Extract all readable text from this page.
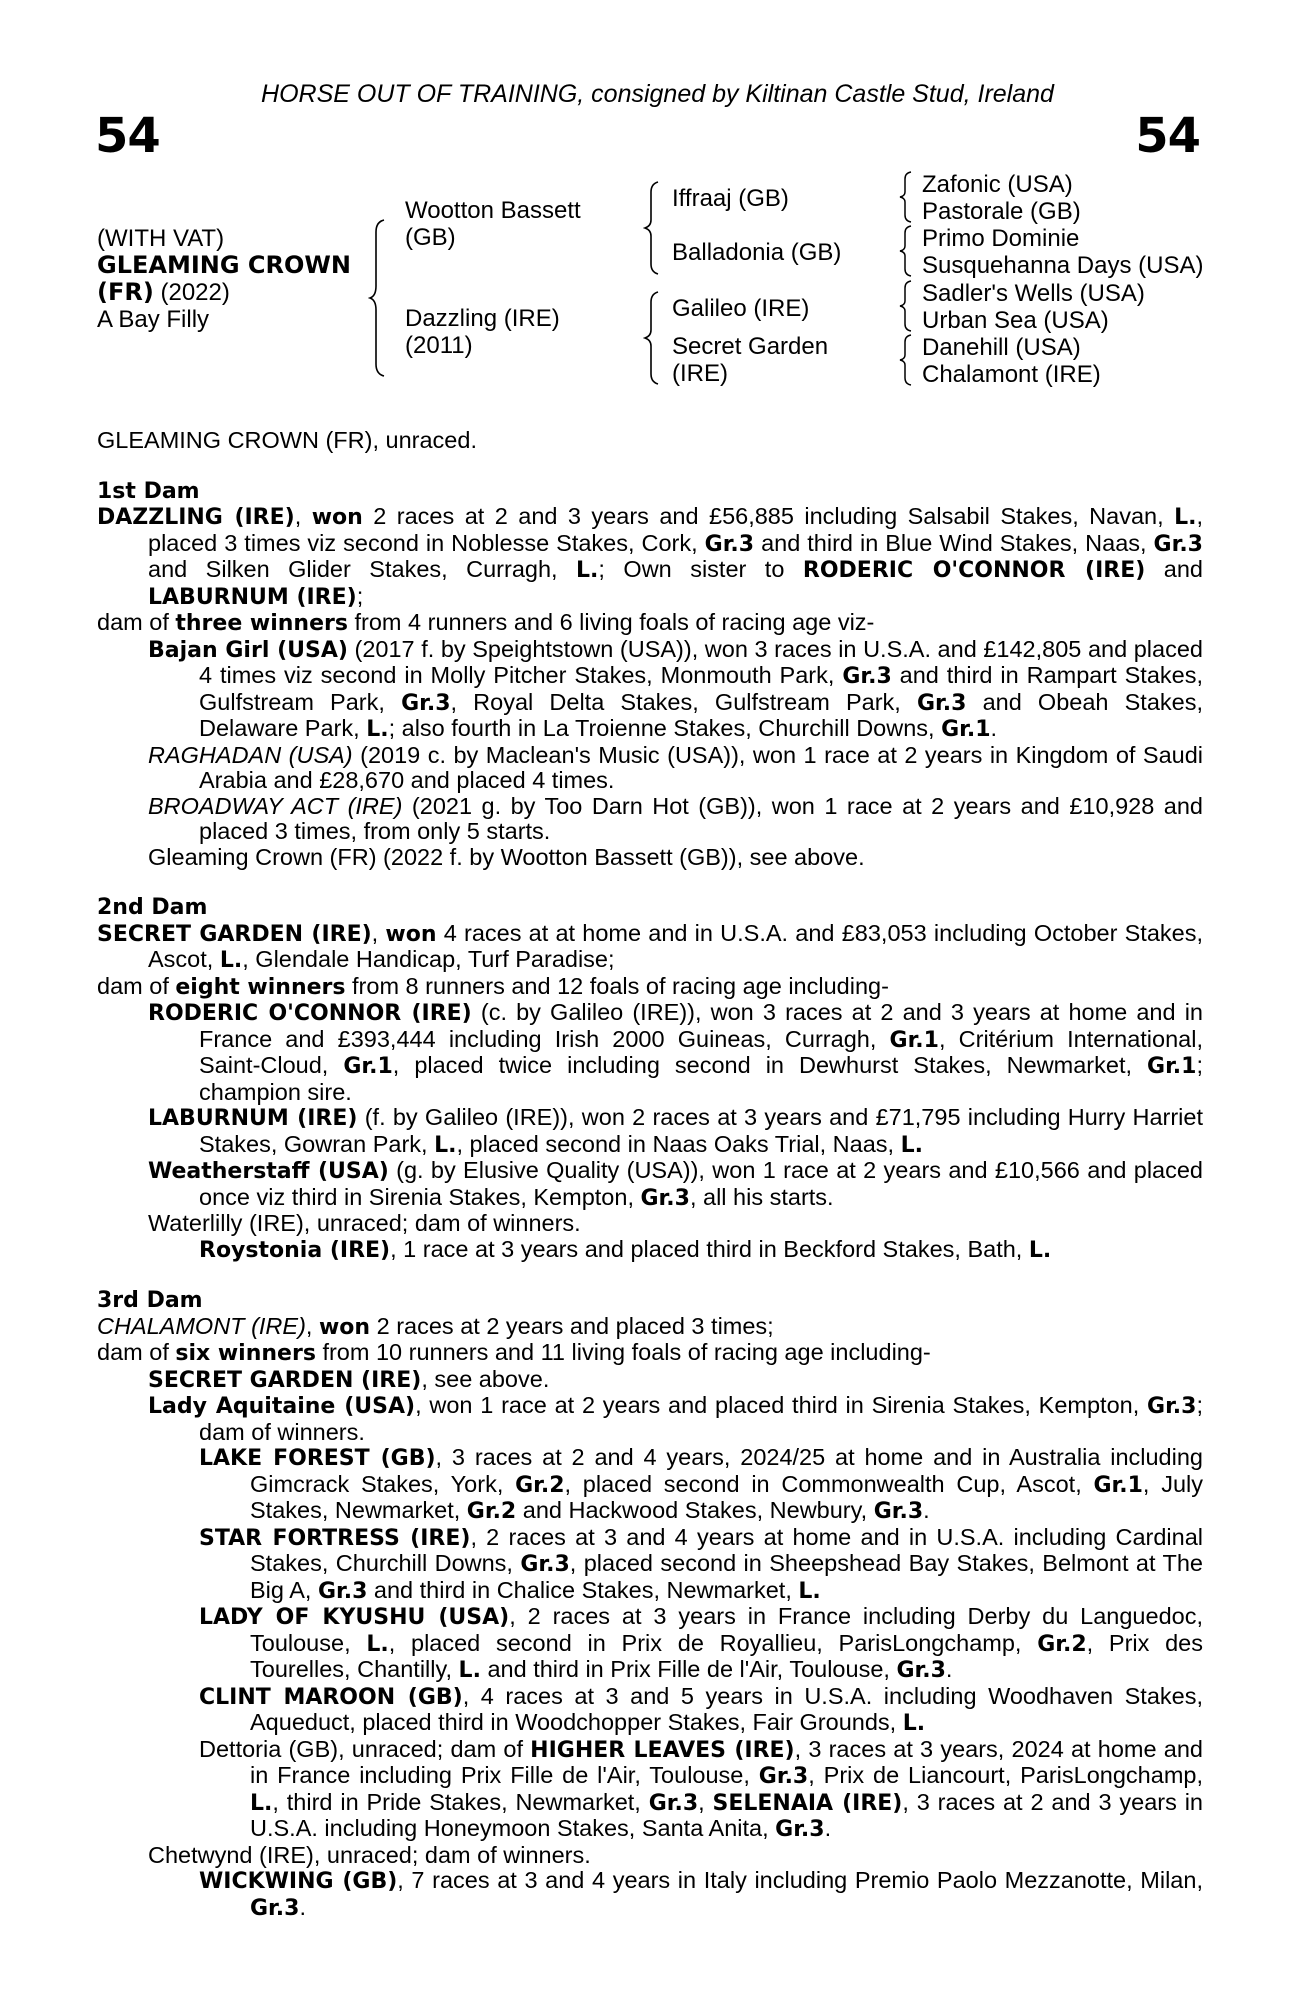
HORSE OUT OF TRAINING, consigned by Kiltinan Castle Stud, Ireland
54	54
(WITH VAT)
GLEAMING CROWN
(FR) (2022)
A Bay Filly
Wootton Bassett
(GB)
Dazzling (IRE)
(2011)
Iffraaj (GB)
Balladonia (GB)
Galileo (IRE)
Secret Garden
(IRE)
Zafonic (USA)
Pastorale (GB)
Primo Dominie
Susquehanna Days (USA)
Sadler's Wells (USA)
Urban Sea (USA)
Danehill (USA)
Chalamont (IRE)

GLEAMING CROWN (FR), unraced.

1st Dam

DAZZLING (IRE), won 2 races at 2 and 3 years and £56,885 including Salsabil Stakes, Navan, L., placed 3 times viz second in Noblesse Stakes, Cork, Gr.3 and third in Blue Wind Stakes, Naas, Gr.3 and Silken Glider Stakes, Curragh, L.; Own sister to RODERIC O'CONNOR (IRE) and LABURNUM (IRE);

dam of three winners from 4 runners and 6 living foals of racing age viz-

Bajan Girl (USA) (2017 f. by Speightstown (USA)), won 3 races in U.S.A. and £142,805 and placed 4 times viz second in Molly Pitcher Stakes, Monmouth Park, Gr.3 and third in Rampart Stakes, Gulfstream Park, Gr.3, Royal Delta Stakes, Gulfstream Park, Gr.3 and Obeah Stakes, Delaware Park, L.; also fourth in La Troienne Stakes, Churchill Downs, Gr.1.

RAGHADAN (USA) (2019 c. by Maclean's Music (USA)), won 1 race at 2 years in Kingdom of Saudi Arabia and £28,670 and placed 4 times.

BROADWAY ACT (IRE) (2021 g. by Too Darn Hot (GB)), won 1 race at 2 years and £10,928 and placed 3 times, from only 5 starts.

Gleaming Crown (FR) (2022 f. by Wootton Bassett (GB)), see above.

2nd Dam

SECRET GARDEN (IRE), won 4 races at at home and in U.S.A. and £83,053 including October Stakes, Ascot, L., Glendale Handicap, Turf Paradise;

dam of eight winners from 8 runners and 12 foals of racing age including-

RODERIC O'CONNOR (IRE) (c. by Galileo (IRE)), won 3 races at 2 and 3 years at home and in France and £393,444 including Irish 2000 Guineas, Curragh, Gr.1, Critérium International, Saint-Cloud, Gr.1, placed twice including second in Dewhurst Stakes, Newmarket, Gr.1; champion sire.

LABURNUM (IRE) (f. by Galileo (IRE)), won 2 races at 3 years and £71,795 including Hurry Harriet Stakes, Gowran Park, L., placed second in Naas Oaks Trial, Naas, L.

Weatherstaff (USA) (g. by Elusive Quality (USA)), won 1 race at 2 years and £10,566 and placed once viz third in Sirenia Stakes, Kempton, Gr.3, all his starts.

Waterlilly (IRE), unraced; dam of winners.

Roystonia (IRE), 1 race at 3 years and placed third in Beckford Stakes, Bath, L.

3rd Dam

CHALAMONT (IRE), won 2 races at 2 years and placed 3 times;

dam of six winners from 10 runners and 11 living foals of racing age including-

SECRET GARDEN (IRE), see above.

Lady Aquitaine (USA), won 1 race at 2 years and placed third in Sirenia Stakes, Kempton, Gr.3; dam of winners.

LAKE FOREST (GB), 3 races at 2 and 4 years, 2024/25 at home and in Australia including Gimcrack Stakes, York, Gr.2, placed second in Commonwealth Cup, Ascot, Gr.1, July Stakes, Newmarket, Gr.2 and Hackwood Stakes, Newbury, Gr.3.

STAR FORTRESS (IRE), 2 races at 3 and 4 years at home and in U.S.A. including Cardinal Stakes, Churchill Downs, Gr.3, placed second in Sheepshead Bay Stakes, Belmont at The Big A, Gr.3 and third in Chalice Stakes, Newmarket, L.

LADY OF KYUSHU (USA), 2 races at 3 years in France including Derby du Languedoc, Toulouse, L., placed second in Prix de Royallieu, ParisLongchamp, Gr.2, Prix des Tourelles, Chantilly, L. and third in Prix Fille de l'Air, Toulouse, Gr.3.

CLINT MAROON (GB), 4 races at 3 and 5 years in U.S.A. including Woodhaven Stakes, Aqueduct, placed third in Woodchopper Stakes, Fair Grounds, L.

Dettoria (GB), unraced; dam of HIGHER LEAVES (IRE), 3 races at 3 years, 2024 at home and in France including Prix Fille de l'Air, Toulouse, Gr.3, Prix de Liancourt, ParisLongchamp, L., third in Pride Stakes, Newmarket, Gr.3, SELENAIA (IRE), 3 races at 2 and 3 years in U.S.A. including Honeymoon Stakes, Santa Anita, Gr.3.

Chetwynd (IRE), unraced; dam of winners.

WICKWING (GB), 7 races at 3 and 4 years in Italy including Premio Paolo Mezzanotte, Milan, Gr.3.
